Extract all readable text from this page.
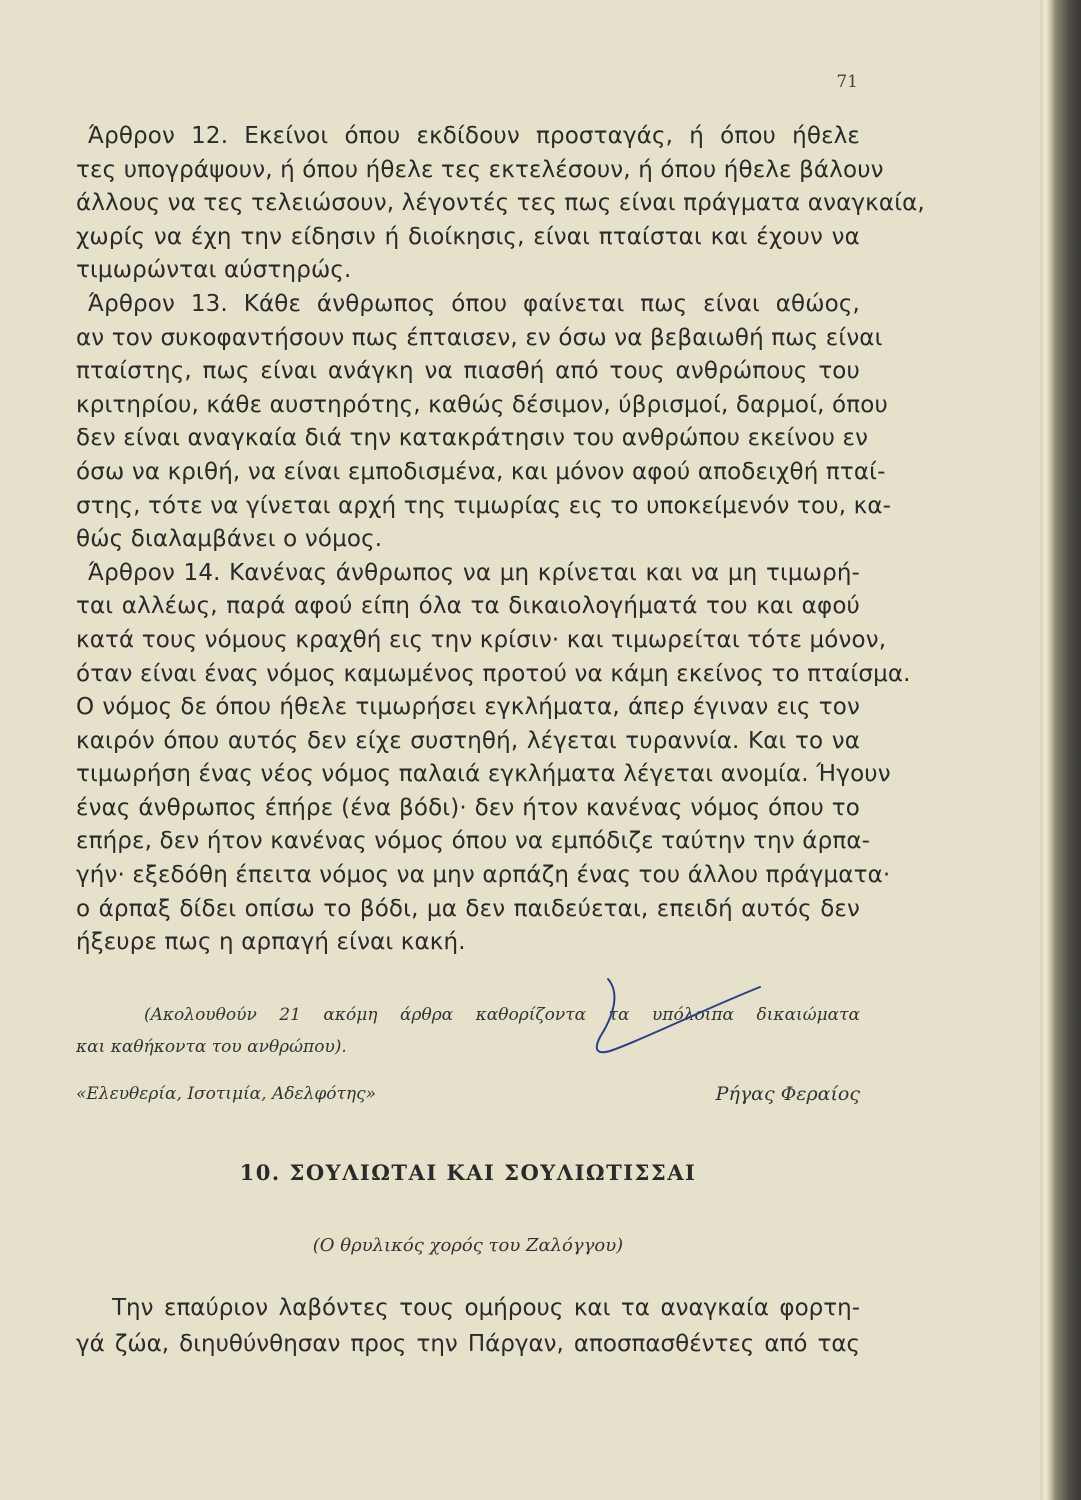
71
Άρθρον 12. Εκείνοι όπου εκδίδουν προσταγάς, ή όπου ήθελε
τες υπογράψουν, ή όπου ήθελε τες εκτελέσουν, ή όπου ήθελε βάλουν
άλλους να τες τελειώσουν, λέγοντές τες πως είναι πράγματα αναγκαία,
χωρίς να έχη την είδησιν ή διοίκησις, είναι πταίσται και έχουν να
τιμωρώνται αύστηρώς.
Άρθρον 13. Κάθε άνθρωπος όπου φαίνεται πως είναι αθώος,
αν τον συκοφαντήσουν πως έπταισεν, εν όσω να βεβαιωθή πως είναι
πταίστης, πως είναι ανάγκη να πιασθή από τους ανθρώπους του
κριτηρίου, κάθε αυστηρότης, καθώς δέσιμον, ύβρισμοί, δαρμοί, όπου
δεν είναι αναγκαία διά την κατακράτησιν του ανθρώπου εκείνου εν
όσω να κριθή, να είναι εμποδισμένα, και μόνον αφού αποδειχθή πταί-
στης, τότε να γίνεται αρχή της τιμωρίας εις το υποκείμενόν του, κα-
θώς διαλαμβάνει ο νόμος.
Άρθρον 14. Κανένας άνθρωπος να μη κρίνεται και να μη τιμωρή-
ται αλλέως, παρά αφού είπη όλα τα δικαιολογήματά του και αφού
κατά τους νόμους κραχθή εις την κρίσιν· και τιμωρείται τότε μόνον,
όταν είναι ένας νόμος καμωμένος προτού να κάμη εκείνος το πταίσμα.
Ο νόμος δε όπου ήθελε τιμωρήσει εγκλήματα, άπερ έγιναν εις τον
καιρόν όπου αυτός δεν είχε συστηθή, λέγεται τυραννία. Και το να
τιμωρήση ένας νέος νόμος παλαιά εγκλήματα λέγεται ανομία. Ήγουν
ένας άνθρωπος έπήρε (ένα βόδι)· δεν ήτον κανένας νόμος όπου το
επήρε, δεν ήτον κανένας νόμος όπου να εμπόδιζε ταύτην την άρπα-
γήν· εξεδόθη έπειτα νόμος να μην αρπάζη ένας του άλλου πράγματα·
ο άρπαξ δίδει οπίσω το βόδι, μα δεν παιδεύεται, επειδή αυτός δεν
ήξευρε πως η αρπαγή είναι κακή.
(Ακολουθούν 21 ακόμη άρθρα καθορίζοντα τα υπόλοιπα δικαιώματα
και καθήκοντα του ανθρώπου).
«Ελευθερία, Ισοτιμία, Αδελφότης»	Ρήγας Φεραίος
10. ΣΟΥΛΙΩΤΑΙ ΚΑΙ ΣΟΥΛΙΩΤΙΣΣΑΙ
(Ο θρυλικός χορός του Ζαλόγγου)
Την επαύριον λαβόντες τους ομήρους και τα αναγκαία φορτη-
γά ζώα, διηυθύνθησαν προς την Πάργαν, αποσπασθέντες από τας
